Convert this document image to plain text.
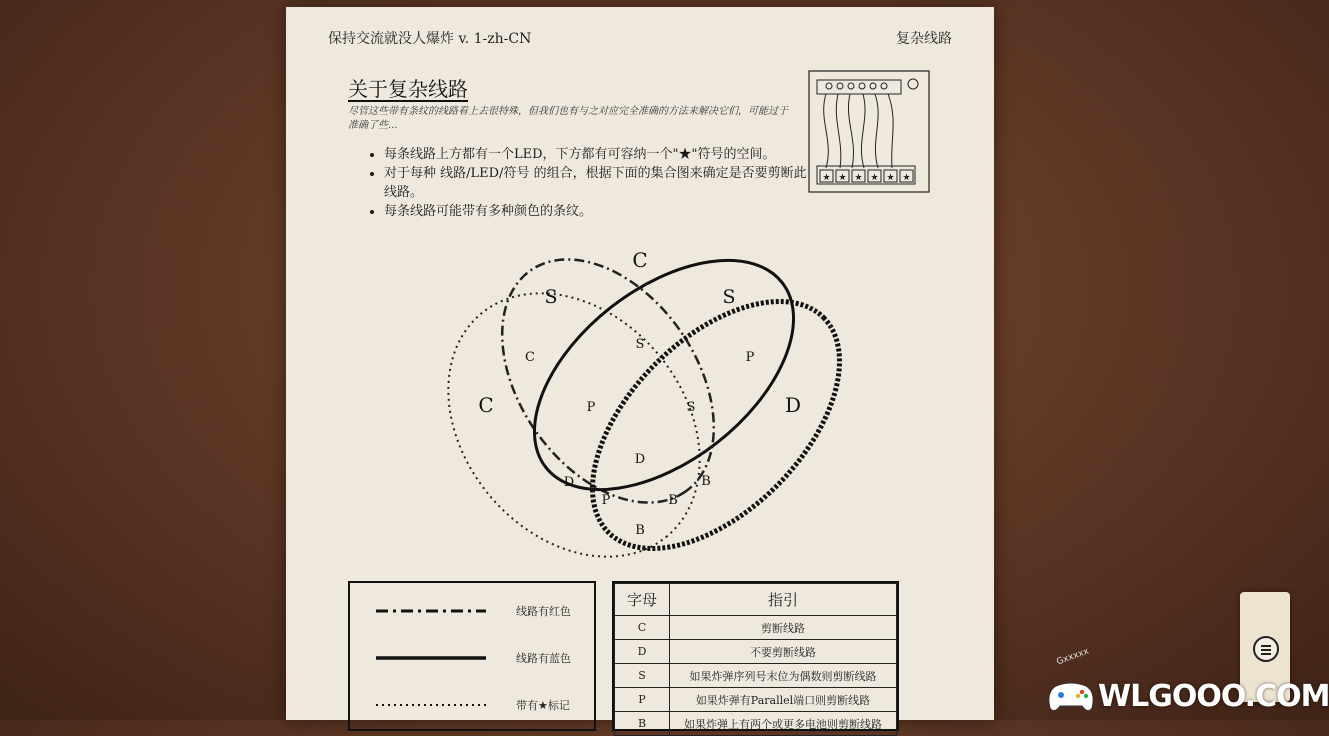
保持交流就没人爆炸 v. 1-zh-CN	复杂线路
关于复杂线路
尽管这些带有条纹的线路看上去很特殊，但我们也有与之对应完全准确的方法来解决它们，可能过于准确了些...
• 每条线路上方都有一个LED，下方都有可容纳一个"★"符号的空间。
• 对于每种 线路/LED/符号 的组合，根据下面的集合图来确定是否要剪断此线路。
• 每条线路可能带有多种颜色的条纹。
★ ★ ★ ★ ★ ★
C
S	S
C	D
C
S
P
P	S
D
D
P	B
B
B
线路有红色
线路有蓝色
带有★标记
字母	指引
C	剪断线路
D	不要剪断线路
S	如果炸弹序列号末位为偶数则剪断线路
P	如果炸弹有Parallel端口则剪断线路
B	如果炸弹上有两个或更多电池则剪断线路
Gxxxxx
WLGOOO.COM
